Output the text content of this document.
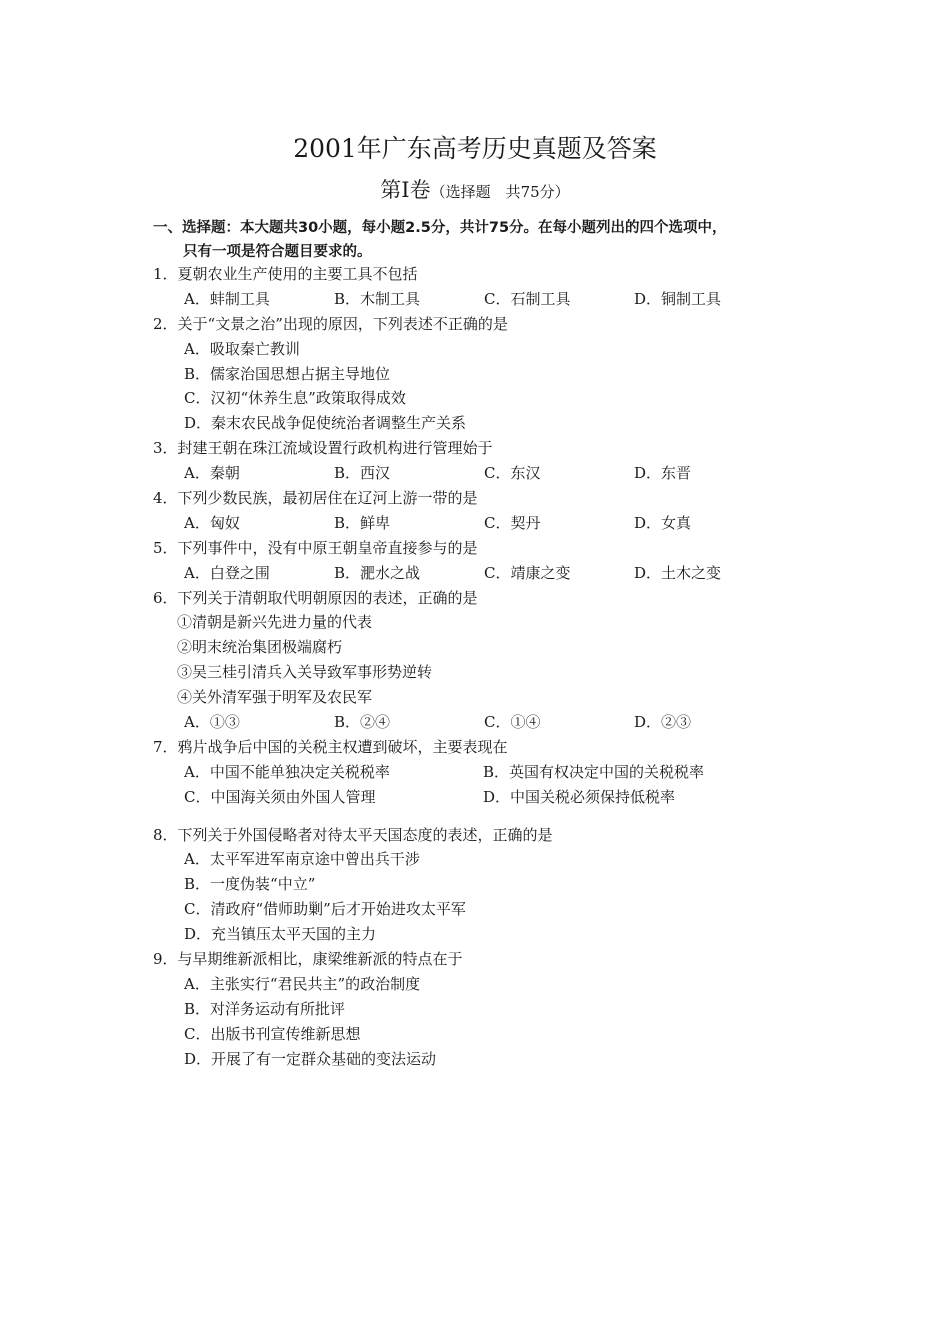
2001年广东高考历史真题及答案
第Ⅰ卷（选择题　共75分）
一、选择题：本大题共30小题，每小题2.5分，共计75分。在每小题列出的四个选项中，
只有一项是符合题目要求的。
1．夏朝农业生产使用的主要工具不包括
A．蚌制工具	B．木制工具	C．石制工具	D．铜制工具
2．关于“文景之治”出现的原因，下列表述不正确的是
A．吸取秦亡教训
B．儒家治国思想占据主导地位
C．汉初“休养生息”政策取得成效
D．秦末农民战争促使统治者调整生产关系
3．封建王朝在珠江流域设置行政机构进行管理始于
A．秦朝	B．西汉	C．东汉	D．东晋
4．下列少数民族，最初居住在辽河上游一带的是
A．匈奴	B．鲜卑	C．契丹	D．女真
5．下列事件中，没有中原王朝皇帝直接参与的是
A．白登之围	B．淝水之战	C．靖康之变	D．土木之变
6．下列关于清朝取代明朝原因的表述，正确的是
①清朝是新兴先进力量的代表
②明末统治集团极端腐朽
③吴三桂引清兵入关导致军事形势逆转
④关外清军强于明军及农民军
A．①③	B．②④	C．①④	D．②③
7．鸦片战争后中国的关税主权遭到破坏，主要表现在
A．中国不能单独决定关税税率	B．英国有权决定中国的关税税率
C．中国海关须由外国人管理	D．中国关税必须保持低税率
8．下列关于外国侵略者对待太平天国态度的表述，正确的是
A．太平军进军南京途中曾出兵干涉
B．一度伪装“中立”
C．清政府“借师助剿”后才开始进攻太平军
D．充当镇压太平天国的主力
9．与早期维新派相比，康梁维新派的特点在于
A．主张实行“君民共主”的政治制度
B．对洋务运动有所批评
C．出版书刊宣传维新思想
D．开展了有一定群众基础的变法运动
